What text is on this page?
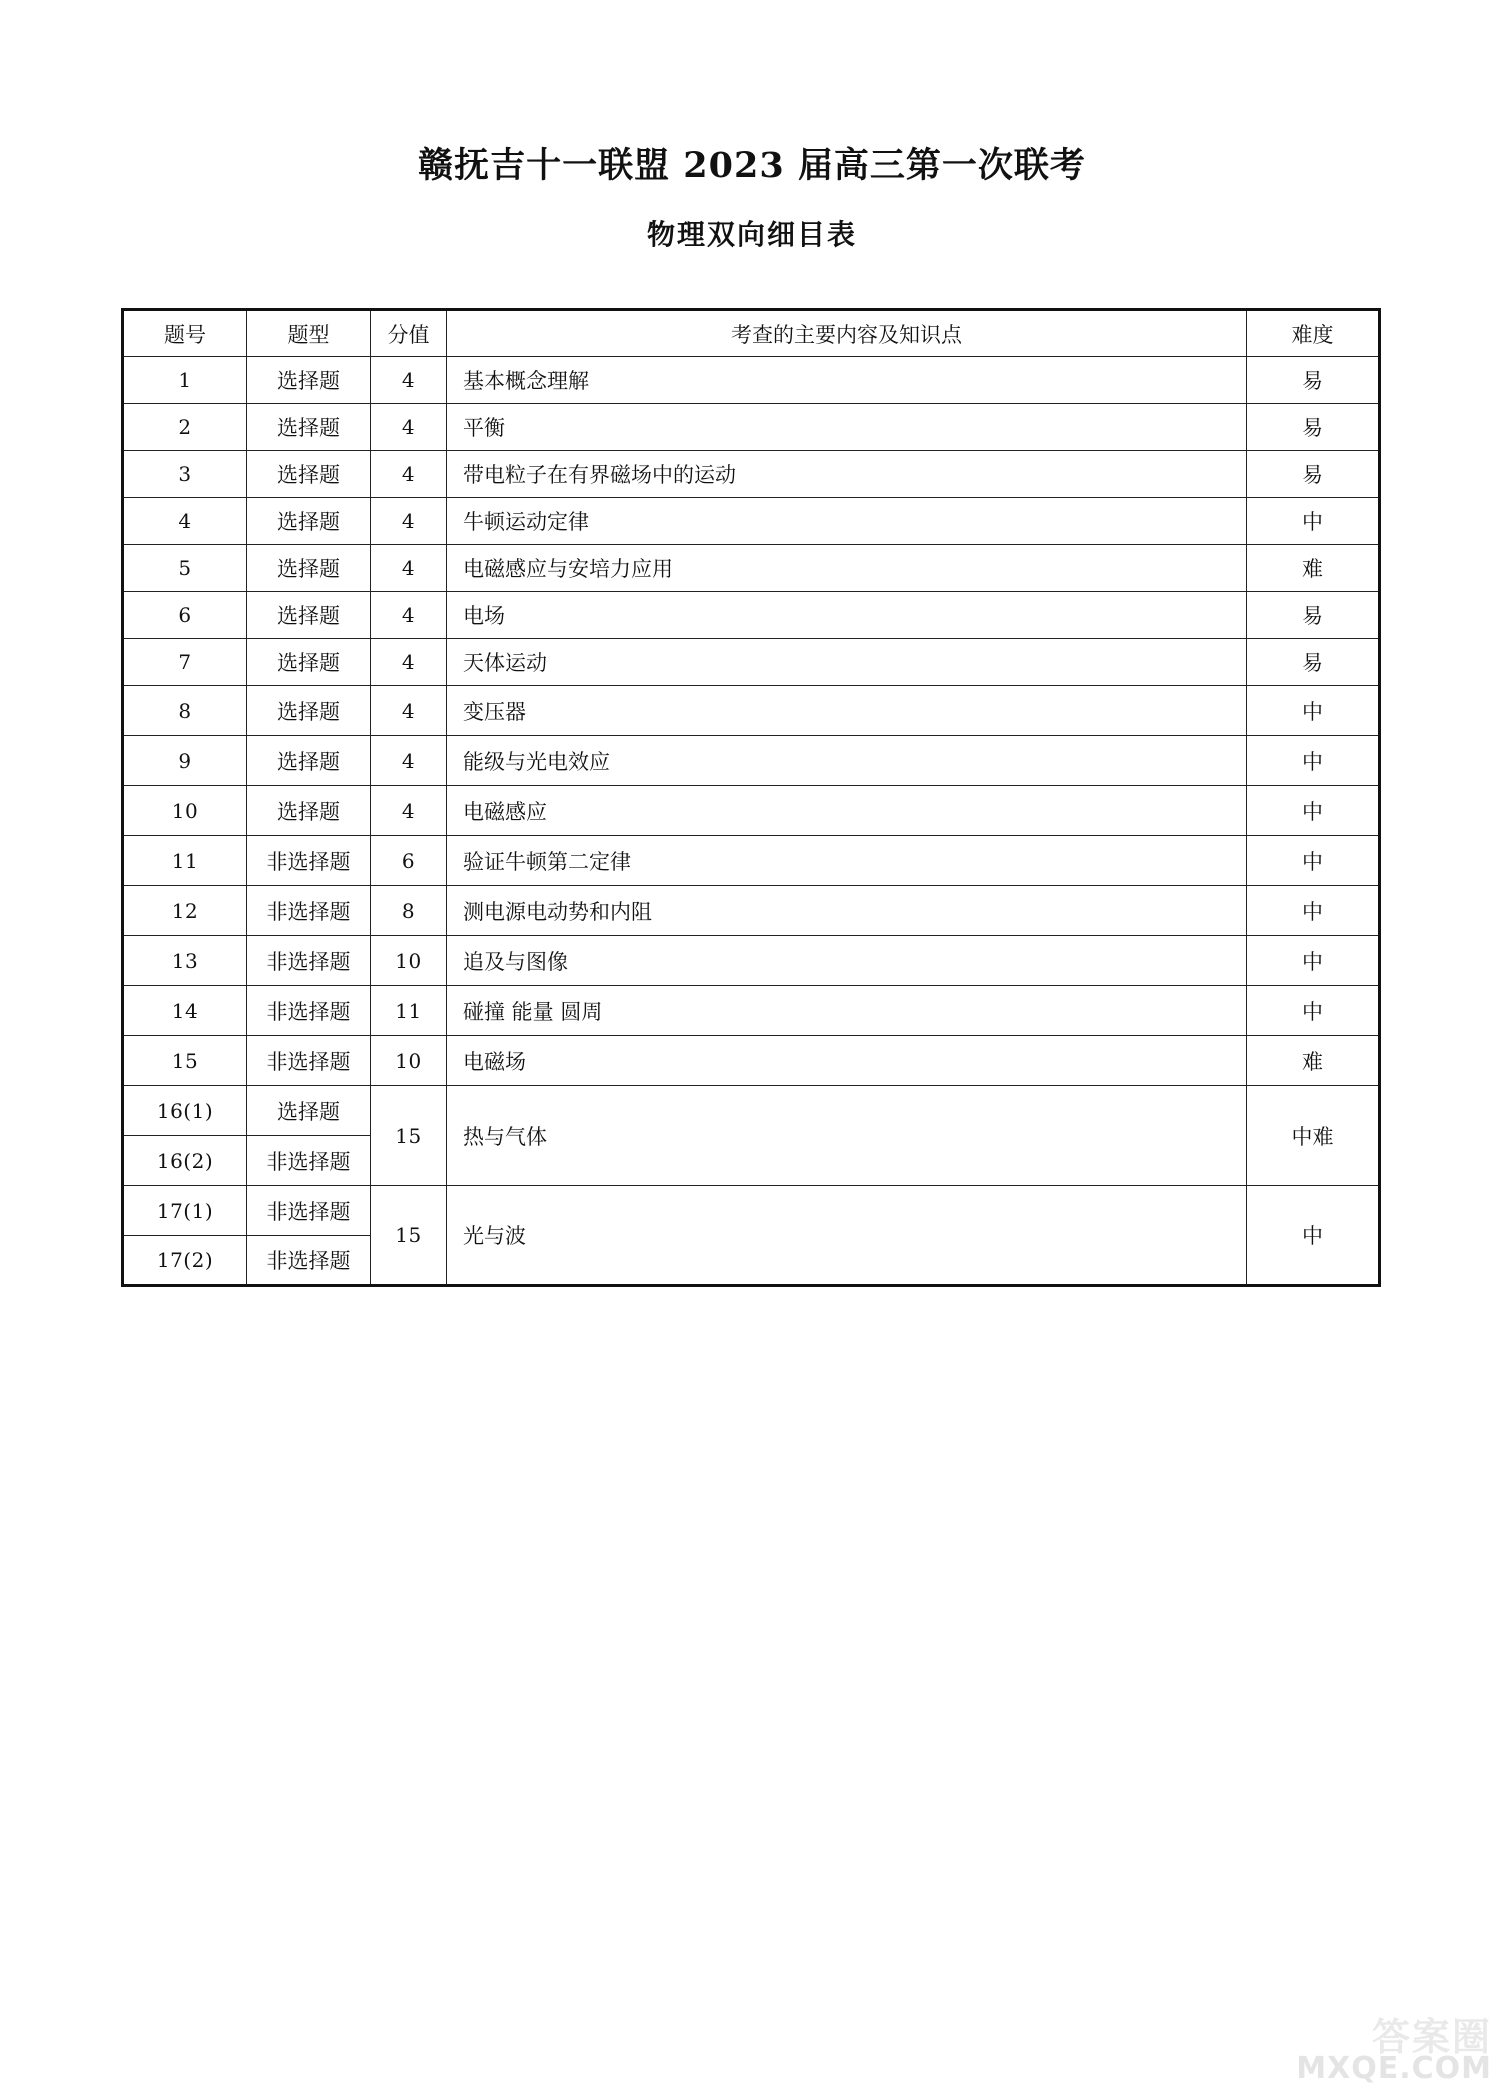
赣抚吉十一联盟 2023 届高三第一次联考
物理双向细目表
题号	题型	分值	考查的主要内容及知识点	难度
1	选择题	4	基本概念理解	易
2	选择题	4	平衡	易
3	选择题	4	带电粒子在有界磁场中的运动	易
4	选择题	4	牛顿运动定律	中
5	选择题	4	电磁感应与安培力应用	难
6	选择题	4	电场	易
7	选择题	4	天体运动	易
8	选择题	4	变压器	中
9	选择题	4	能级与光电效应	中
10	选择题	4	电磁感应	中
11	非选择题	6	验证牛顿第二定律	中
12	非选择题	8	测电源电动势和内阻	中
13	非选择题	10	追及与图像	中
14	非选择题	11	碰撞 能量 圆周	中
15	非选择题	10	电磁场	难
16(1)	选择题	15	热与气体	中难
16(2)	非选择题			
17(1)	非选择题	15	光与波	中
17(2)	非选择题			
答案圈
MXQE.COM
